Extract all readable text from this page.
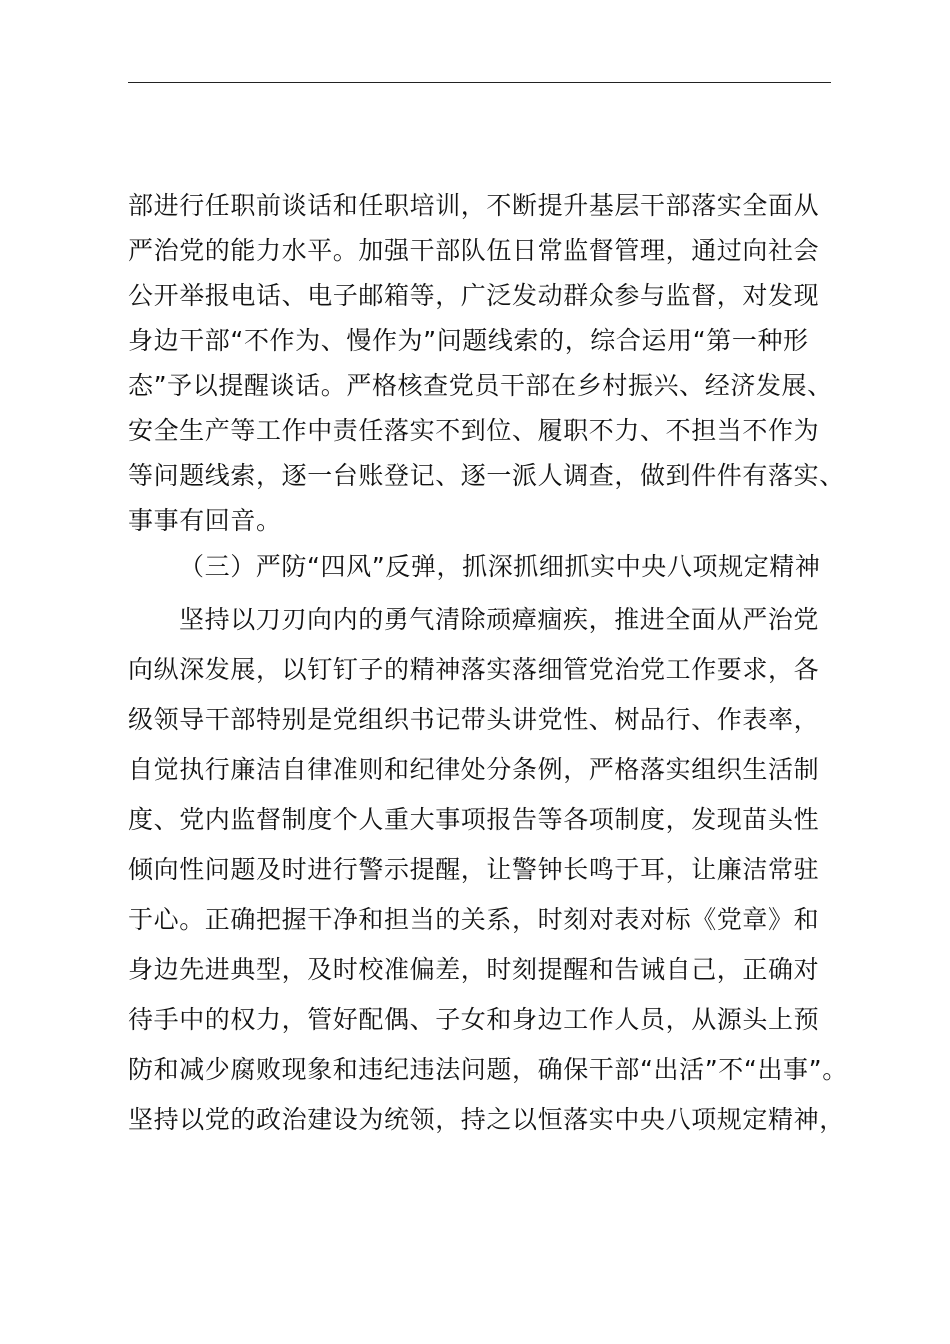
部进行任职前谈话和任职培训，不断提升基层干部落实全面从
严治党的能力水平。加强干部队伍日常监督管理，通过向社会
公开举报电话、电子邮箱等，广泛发动群众参与监督，对发现
身边干部“不作为、慢作为”问题线索的，综合运用“第一种形
态”予以提醒谈话。严格核查党员干部在乡村振兴、经济发展、
安全生产等工作中责任落实不到位、履职不力、不担当不作为
等问题线索，逐一台账登记、逐一派人调查，做到件件有落实、
事事有回音。
（三）严防“四风”反弹，抓深抓细抓实中央八项规定精神
坚持以刀刃向内的勇气清除顽瘴痼疾，推进全面从严治党
向纵深发展，以钉钉子的精神落实落细管党治党工作要求，各
级领导干部特别是党组织书记带头讲党性、树品行、作表率，
自觉执行廉洁自律准则和纪律处分条例，严格落实组织生活制
度、党内监督制度个人重大事项报告等各项制度，发现苗头性
倾向性问题及时进行警示提醒，让警钟长鸣于耳，让廉洁常驻
于心。正确把握干净和担当的关系，时刻对表对标《党章》和
身边先进典型，及时校准偏差，时刻提醒和告诫自己，正确对
待手中的权力，管好配偶、子女和身边工作人员，从源头上预
防和减少腐败现象和违纪违法问题，确保干部“出活”不“出事”。
坚持以党的政治建设为统领，持之以恒落实中央八项规定精神，
